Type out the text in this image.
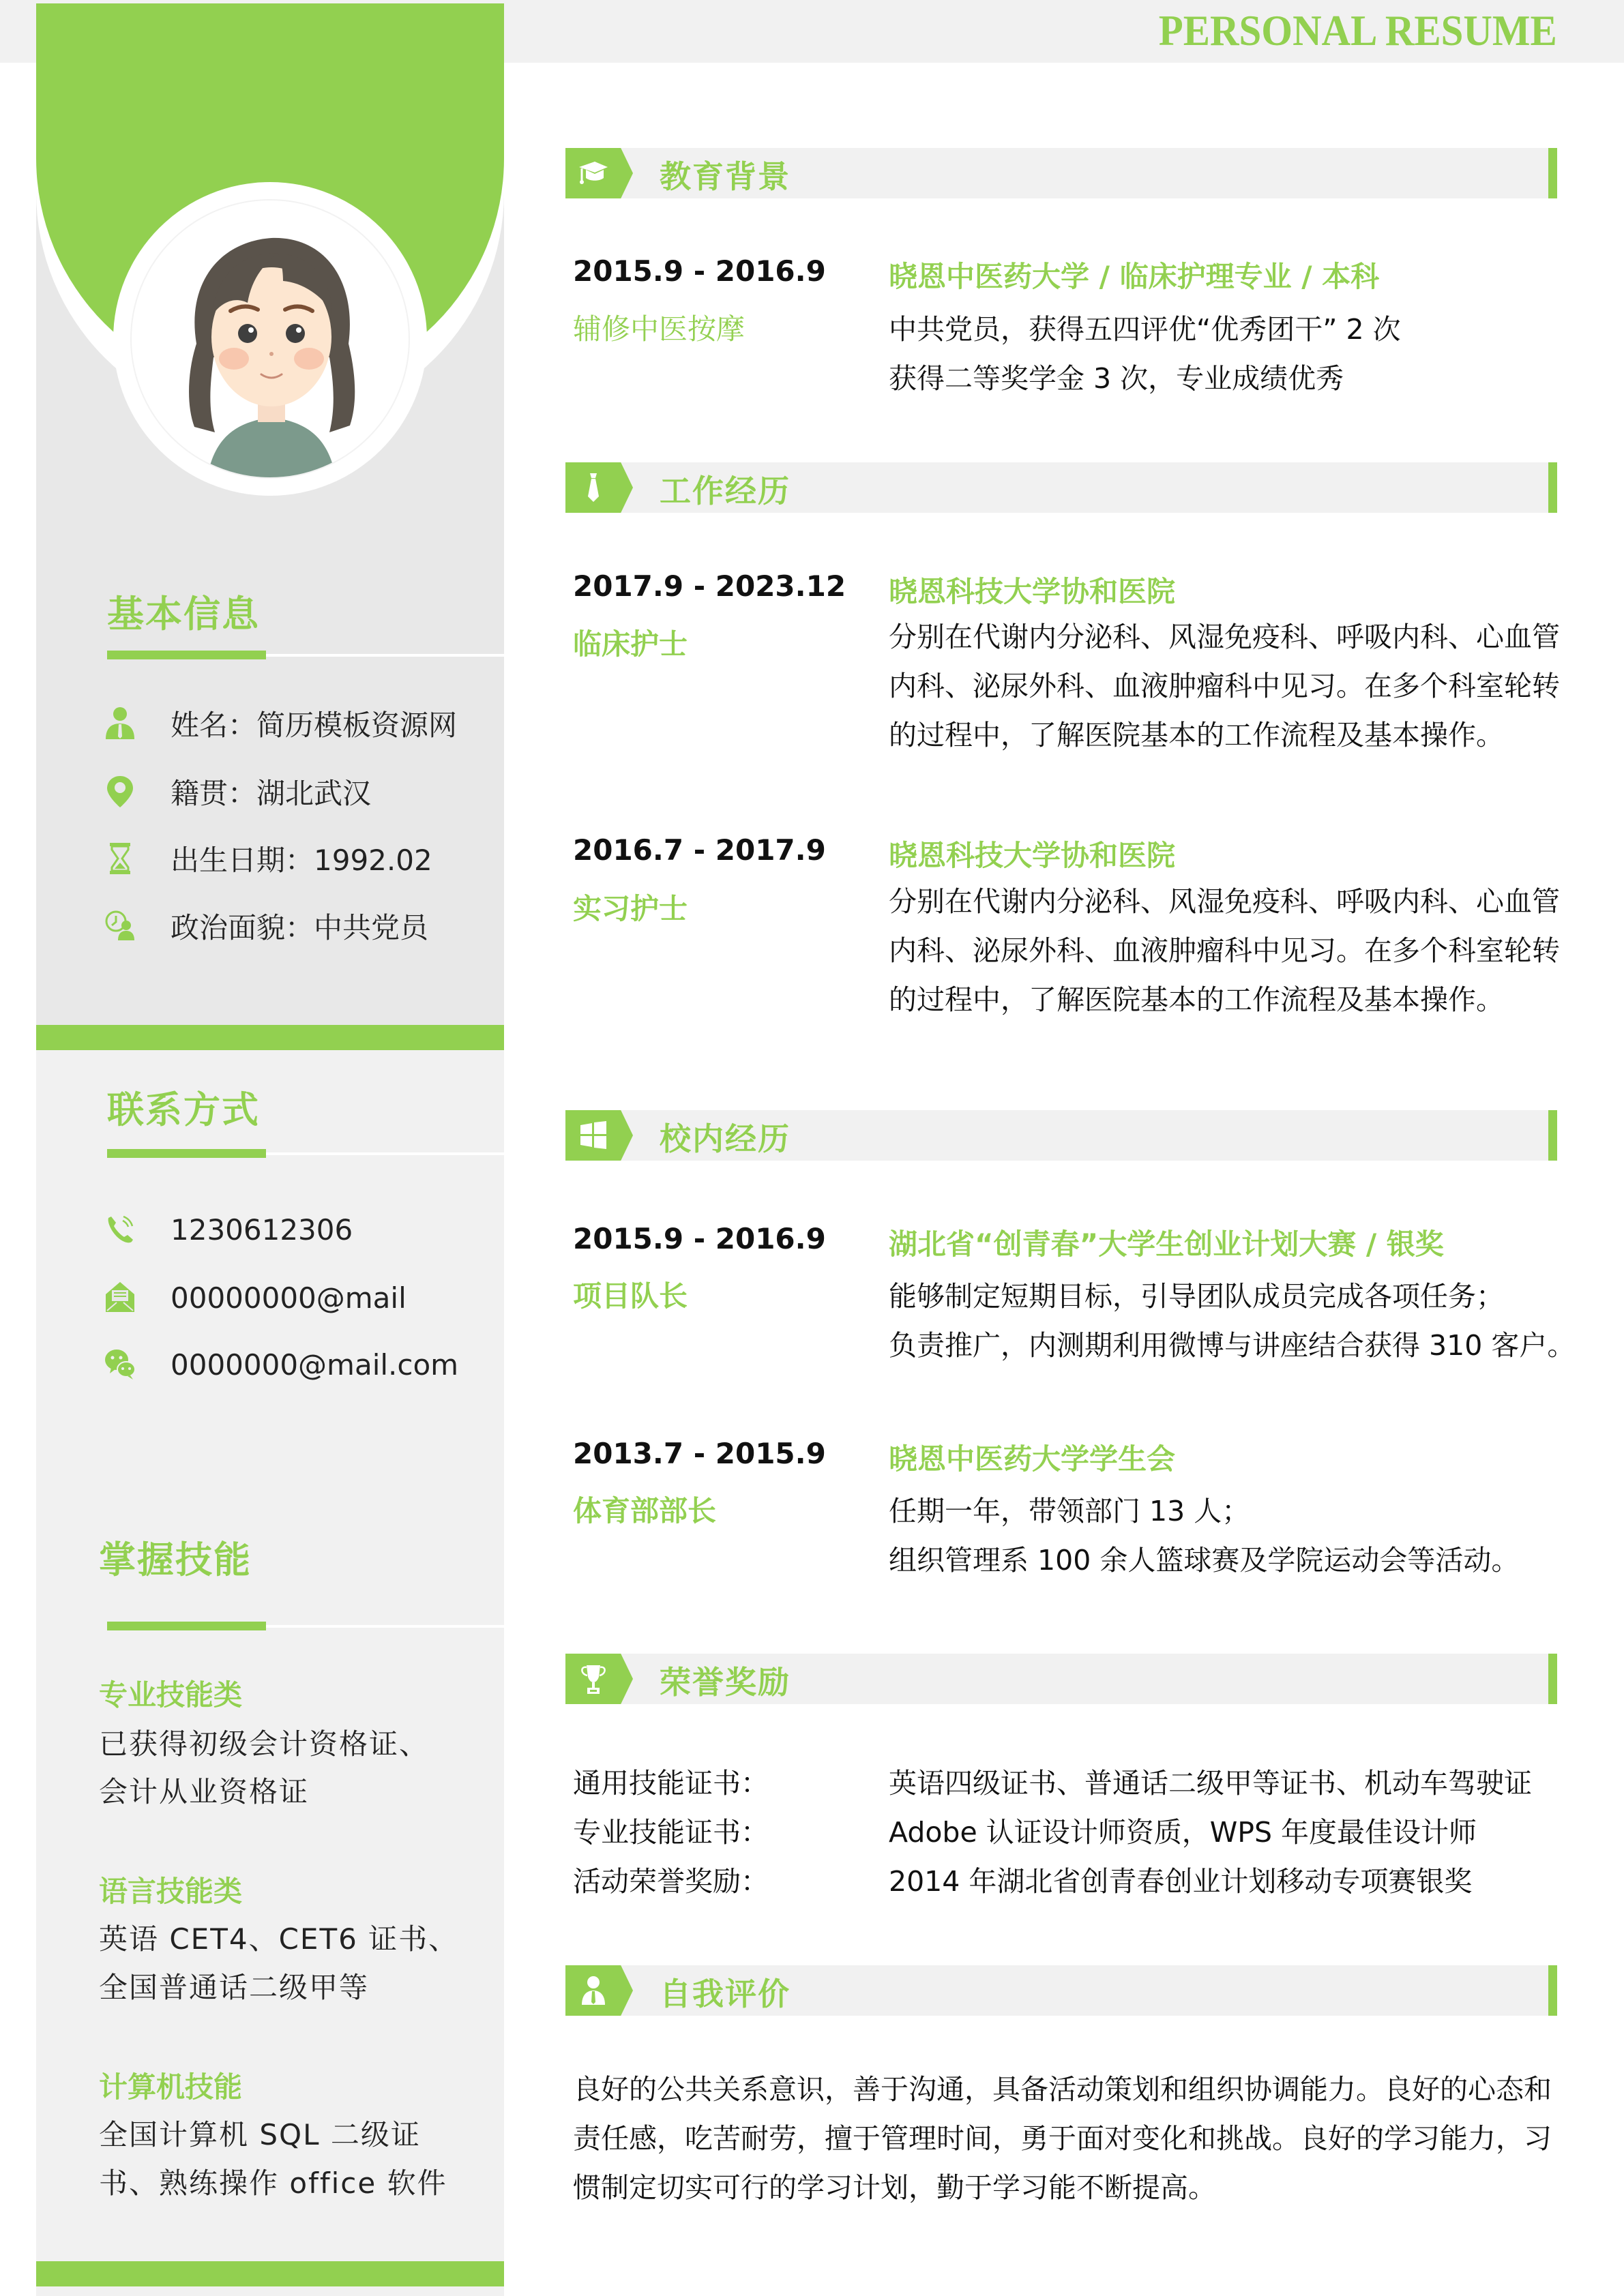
基本信息
姓名：简历模板资源网
籍贯：湖北武汉
出生日期：1992.02
政治面貌：中共党员
联系方式
1230612306
00000000@mail
0000000@mail.com
掌握技能
专业技能类
已获得初级会计资格证、
会计从业资格证
语言技能类
英语 CET4、CET6 证书、
全国普通话二级甲等
计算机技能
全国计算机 SQL 二级证
书、熟练操作 office 软件
PERSONAL RESUME
教育背景
2015.9 - 2016.9 晓恩中医药大学 / 临床护理专业 / 本科
辅修中医按摩	中共党员，获得五四评优“优秀团干” 2 次
获得二等奖学金 3 次，专业成绩优秀
工作经历
2017.9 - 2023.12 晓恩科技大学协和医院
临床护士	分别在代谢内分泌科、风湿免疫科、呼吸内科、心血管内科、泌尿外科、血液肿瘤科中见习。在多个科室轮转的过程中，了解医院基本的工作流程及基本操作。
2016.7 - 2017.9 晓恩科技大学协和医院
实习护士	分别在代谢内分泌科、风湿免疫科、呼吸内科、心血管内科、泌尿外科、血液肿瘤科中见习。在多个科室轮转的过程中，了解医院基本的工作流程及基本操作。
校内经历
2015.9 - 2016.9 湖北省“创青春”大学生创业计划大赛 / 银奖
项目队长	能够制定短期目标，引导团队成员完成各项任务；
负责推广，内测期利用微博与讲座结合获得 310 客户。
2013.7 - 2015.9 晓恩中医药大学学生会
体育部部长	任期一年，带领部门 13 人；
组织管理系 100 余人篮球赛及学院运动会等活动。
荣誉奖励
通用技能证书：	英语四级证书、普通话二级甲等证书、机动车驾驶证
专业技能证书：	Adobe 认证设计师资质，WPS 年度最佳设计师
活动荣誉奖励：	2014 年湖北省创青春创业计划移动专项赛银奖
自我评价
良好的公共关系意识，善于沟通，具备活动策划和组织协调能力。良好的心态和责任感，吃苦耐劳，擅于管理时间，勇于面对变化和挑战。良好的学习能力，习惯制定切实可行的学习计划，勤于学习能不断提高。
